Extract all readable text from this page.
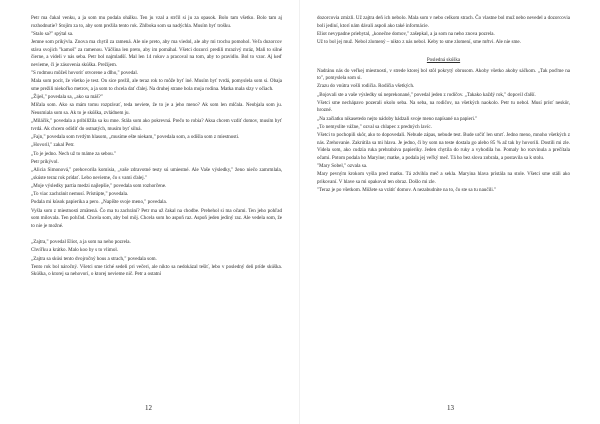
Petr ma čakal venku, a ja som mu podala ohálku. Ten ju vzal a strčil si ju za opasok. Bolo tam všetko. Bolo tam aj rozhodnutie? Stojím za to, aby som prežila tento rok. Zhlboka som sa nadýchla. Musím byť trošku.

"Stalo sa?" spýtal sa.

Jemne som prikývla. Znova ma chytil za ramená. Ale nie preto, aby ma viedol, ale aby mi trochu pomohol. Veľa dozorcov stáva svojich "kamoš" za ramenou. Väčšina len preto, aby im pomáhal. Všetci dozorci predili mrazivý mráz, Mali to silné čierne, a videli v nás seba. Petr bol najmladší. Mal len 14 rokov a pracoval na tom, aby to pravidlo. Bol to vzor. Aj keď nevieme, či je zásovenia skúška. Prežijem.

"S rodmou môžeš hovoriť otvorene a dlho," povedal.

Mala som pocit, že všetko je test. On sice prežil, ale teraz rok to môže byť iné. Musím byť tvrdá, pomyslela som si. Obaja sme prežili niekoľko metrov, a ja som to chcela dať ďalej. Na druhej strane bola moja rodina. Matka mala slzy v očiach.

„Žiješ," povedala sa, „ako sa máš?"

Mlčala som. Ako sa mám tomu rozprávať, teda neviete, že to je a jeho meno? Ak som len mlčala. Neobjala som ju. Neusmiala som sa. Ak to je skúška, zvládnem ju.

„Miláčik," povedala a pribilížila sa ku mne. Stála som ako pokrevná. Prečo to robia? Aksa chcem vzdiť domov, musím byť tvrdá. Ak chcem odídiť do ostnatých, musím byť silná.

„Fajn," povedala som tvrdým hlasom, „musíme ešte niekam," povedala som, a odišla som z miestnosti.

„Hovoril," zakal Petr.

„To je jedno. Nech už to máme za sebou."

Petr prikývol.

„Alicia Simonová," prehovorila komisia, „vaše zdravotné testy sú umiestné. Ale Vaše výsledky," ženo niečo zamrmlala, „skúste teraz rok prídať. Lebo nevieme, čo s vami ďalej."

„Moje výsledky partia medzi najlepšie," povedala som rozhorčene.

„To viac zachránit nemusí. Prístúpte," povedala.

Podala mi kúsok papierika a pero. „Napíšte svoje meno," povedala.

Vyšla som z miestnosti zmätená. Čo ma tu zachrání? Petr ma už čakal na chodbe. Prehehol si ma očami. Ten jeho pohľad som milovala. Ten pohľad. Chcela som, aby bol môj. Chcela som ho aspoň raz. Aspoň jeden jediný raz. Ale vedela som, že to nie je možné.

„Zajtra," povedal Eliot, a ja som na neho pozrela.

Chvíľku a krátko. Malo koo by s to vlimol.

„Zajtra sa skúsi tento dvojročný hous a strach," povedala som.

Tento rok bol náročný. Všetci sme tiché sedeli pri večeri, ale nikto sa nedokázal tešiť, lebo v posledný deň príde skúška. Skúška, o ktorej sa nehovorí, o ktorej nevieme nič. Petr a ostatní

12

dozorcovia zmizli. Už zajtra deň ich nebolo. Mala som v nebo celkom strach. Čo vlastne bol muž nebo nevedel a dozorcovia boli jediní, ktorí nám dávali aspoň ako také informácie.

Eliot nevypadne priebytal, „konečne domov," zašepkal, a ja som na neho znova pozrela.

Už to bol jej muž. Nebol zlomený – nikto z nás nebol. Keby to sme zlomení, sme mŕtvi. Ale nie sme.

Posledná skúška

Nadránu nás do veľkej miestnosti, v strede ktorej bol stôl pokrytý obrusom. Akoby všetko akoby sáčkom. „Tak poďme na to", pomyslela som si.

Zrazu do vnútra vošli rodičia. Rodičia všetkých.

„Bojovali ste a vaše výsledky sú neprekonané," povedal jeden z rodičov. „Takako každý rok," dopovil ďalší.

Všetci sme nechápavo pozerali okolo seba. Na seba, na rodičov, na všetkých naokolo. Petr tu nebol. Musí prísť neskôr, hrozné.

„Na začiatku nikasetedo nejto nádoby hádzali svoje meno napísané na papieri."

„To nemyslite vážne," ozval sa chlapec z predných lavíc.

Všetci to pochopili skôr, ako to dopovedali. Nebude zápas, nebude test. Bude určiť len smrť. Jedno meno, mnoho všetkých z nás. Zrehovanie. Zakrútila sa mi hlava. Je jedno, či by som na teste dostala go alebo 85 % až tak by hovorili. Dostili mi zle. Videla som, ako cudzia ruka prehrabáva papieriky. Jeden chytila do ruky a vyhodila ho. Pomaly ho rozvinula a prečítala očami. Potom podala ho Maryine; matke, a podala jej veľký meč. Tá ho bez slova zobrala, a postavila sa k stolu.

"Mary Sobel," ozvala sa.

Mary pevným krokom vyšla pred matku. Tá zdvihla meč a sekla. Maryina hlava prístála na stole. Všetci sme stáli ako prikovaní. V hlave sa mi opakoval ten obraz. Došlo mi zle.

"Teraz je po všetkom. Môžete sa vrátiť domov. A nezabudnite na to, čo ste sa tu naučili."

13
